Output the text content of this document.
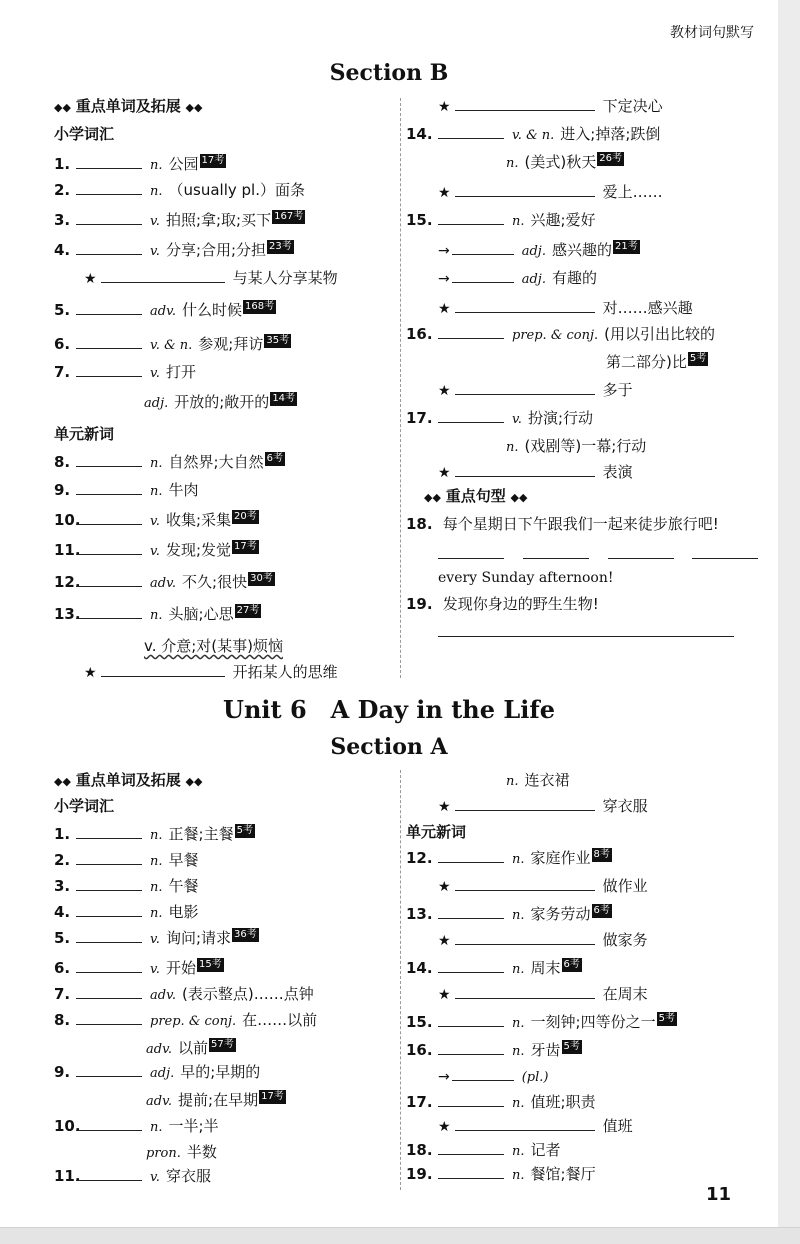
教材词句默写
Section B
◆◆ 重点单词及拓展 ◆◆
小学词汇
单元新词
◆◆ 重点句型 ◆◆
18. 每个星期日下午跟我们一起来徒步旅行吧!

every Sunday afternoon!
19. 发现你身边的野生生物!
1.	n. 公园 17考
2.	n. （usually pl.）面条
3.	v. 拍照;拿;取;买下 167考
4.	v. 分享;合用;分担 23考
★	与某人分享某物
5.	adv. 什么时候 168考
6.	v. & n. 参观;拜访 35考
7.	v. 打开
adj. 开放的;敞开的 14考
8.	n. 自然界;大自然 6考
9.	n. 牛肉
10.	v. 收集;采集 20考
11.	v. 发现;发觉 17考
12.	adv. 不久;很快 30考
13.	n. 头脑;心思 27考
v. 介意;对(某事)烦恼
★	开拓某人的思维
★	下定决心
14.	v. & n. 进入;掉落;跌倒
n. (美式)秋天 26考
★	爱上……
15.	n. 兴趣;爱好
→	adj. 感兴趣的 21考
→	adj. 有趣的
★	对……感兴趣
16.	prep. & conj. (用以引出比较的
第二部分)比 5考
★	多于
17.	v. 扮演;行动
n. (戏剧等)一幕;行动
★	表演
Unit 6　A Day in the Life
Section A
◆◆ 重点单词及拓展 ◆◆
小学词汇
单元新词
1.	n. 正餐;主餐 5考
2.	n. 早餐
3.	n. 午餐
4.	n. 电影
5.	v. 询问;请求 36考
6.	v. 开始 15考
7.	adv. (表示整点)……点钟
8.	prep. & conj. 在……以前
adv. 以前 57考
9.	adj. 早的;早期的
adv. 提前;在早期 17考
10.	n. 一半;半
pron. 半数
11.	v. 穿衣服
n. 连衣裙
★	穿衣服
12.	n. 家庭作业 8考
★	做作业
13.	n. 家务劳动 6考
★	做家务
14.	n. 周末 6考
★	在周末
15.	n. 一刻钟;四等份之一 5考
16.	n. 牙齿 5考
→	(pl.)
17.	n. 值班;职责
★	值班
18.	n. 记者
19.	n. 餐馆;餐厅
11
